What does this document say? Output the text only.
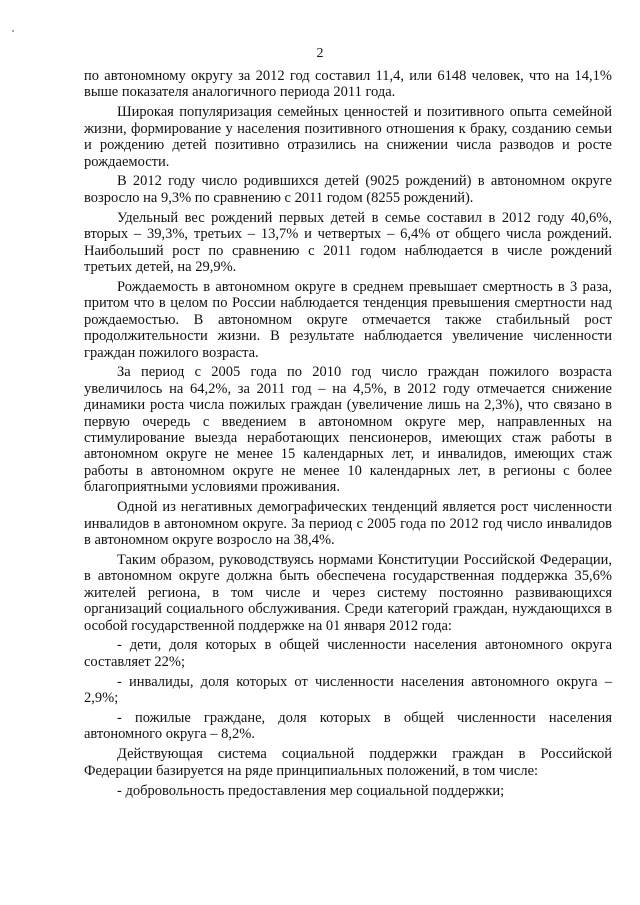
2

по автономному округу за 2012 год составил 11,4, или 6148 человек, что на 14,1% выше показателя аналогичного периода 2011 года.

Широкая популяризация семейных ценностей и позитивного опыта семейной жизни, формирование у населения позитивного отношения к браку, созданию семьи и рождению детей позитивно отразились на снижении числа разводов и росте рождаемости.

В 2012 году число родившихся детей (9025 рождений) в автономном округе возросло на 9,3% по сравнению с 2011 годом (8255 рождений).

Удельный вес рождений первых детей в семье составил в 2012 году 40,6%, вторых – 39,3%, третьих – 13,7% и четвертых – 6,4% от общего числа рождений. Наибольший рост по сравнению с 2011 годом наблюдается в числе рождений третьих детей, на 29,9%.

Рождаемость в автономном округе в среднем превышает смертность в 3 раза, притом что в целом по России наблюдается тенденция превышения смертности над рождаемостью. В автономном округе отмечается также стабильный рост продолжительности жизни. В результате наблюдается увеличение численности граждан пожилого возраста.

За период с 2005 года по 2010 год число граждан пожилого возраста увеличилось на 64,2%, за 2011 год – на 4,5%, в 2012 году отмечается снижение динамики роста числа пожилых граждан (увеличение лишь на 2,3%), что связано в первую очередь с введением в автономном округе мер, направленных на стимулирование выезда неработающих пенсионеров, имеющих стаж работы в автономном округе не менее 15 календарных лет, и инвалидов, имеющих стаж работы в автономном округе не менее 10 календарных лет, в регионы с более благоприятными условиями проживания.

Одной из негативных демографических тенденций является рост численности инвалидов в автономном округе. За период с 2005 года по 2012 год число инвалидов в автономном округе возросло на 38,4%.

Таким образом, руководствуясь нормами Конституции Российской Федерации, в автономном округе должна быть обеспечена государственная поддержка 35,6% жителей региона, в том числе и через систему постоянно развивающихся организаций социального обслуживания. Среди категорий граждан, нуждающихся в особой государственной поддержке на 01 января 2012 года:

- дети, доля которых в общей численности населения автономного округа составляет 22%;

- инвалиды, доля которых от численности населения автономного округа – 2,9%;

- пожилые граждане, доля которых в общей численности населения автономного округа – 8,2%.

Действующая система социальной поддержки граждан в Российской Федерации базируется на ряде принципиальных положений, в том числе:

- добровольность предоставления мер социальной поддержки;
